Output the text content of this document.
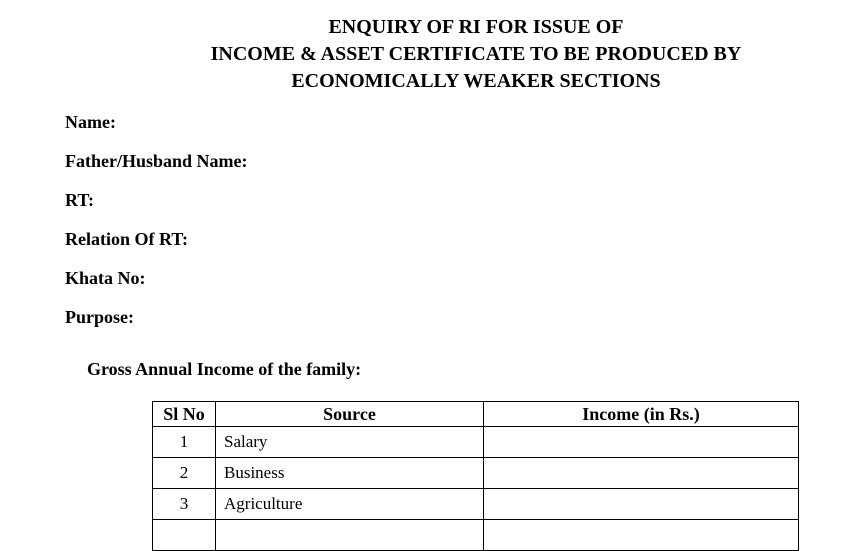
ENQUIRY OF RI FOR ISSUE OF
INCOME & ASSET CERTIFICATE TO BE PRODUCED BY
ECONOMICALLY WEAKER SECTIONS
Name:
Father/Husband Name:
RT:
Relation Of RT:
Khata No:
Purpose:
Gross Annual Income of the family:
Sl No	Source	Income (in Rs.)
1	Salary	
2	Business	
3	Agriculture	
